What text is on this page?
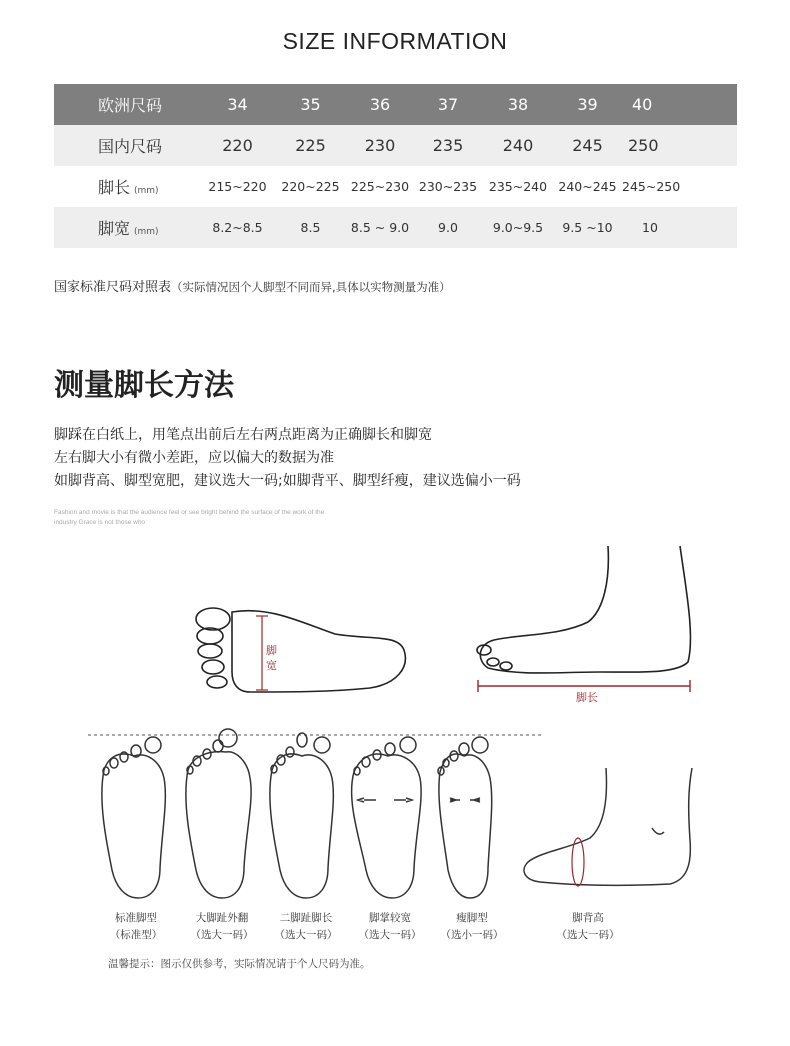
SIZE INFORMATION
欧洲尺码	34	35	36	37	38	39	40
国内尺码	220	225	230	235	240	245	250
脚长 (mm)	215~220	220~225	225~230	230~235	235~240	240~245	245~250
脚宽 (mm)	8.2~8.5	8.5	8.5 ~ 9.0	9.0	9.0~9.5	9.5 ~10	10
国家标准尺码对照表（实际情况因个人脚型不同而异,具体以实物测量为准）
测量脚长方法
脚踩在白纸上，用笔点出前后左右两点距离为正确脚长和脚宽
左右脚大小有微小差距，应以偏大的数据为准
如脚背高、脚型宽肥，建议选大一码;如脚背平、脚型纤瘦，建议选偏小一码
Fashion and movie is that the audience feel or see bright behind the surface of the work of the
industry Grace is not those who
脚
宽
脚长
标准脚型
（标准型）
大脚趾外翻
（选大一码）
二脚趾脚长
（选大一码）
脚掌较宽
（选大一码）
瘦脚型
（选小一码）
脚背高
（选大一码）
温馨提示：图示仅供参考，实际情况请于个人尺码为准。
